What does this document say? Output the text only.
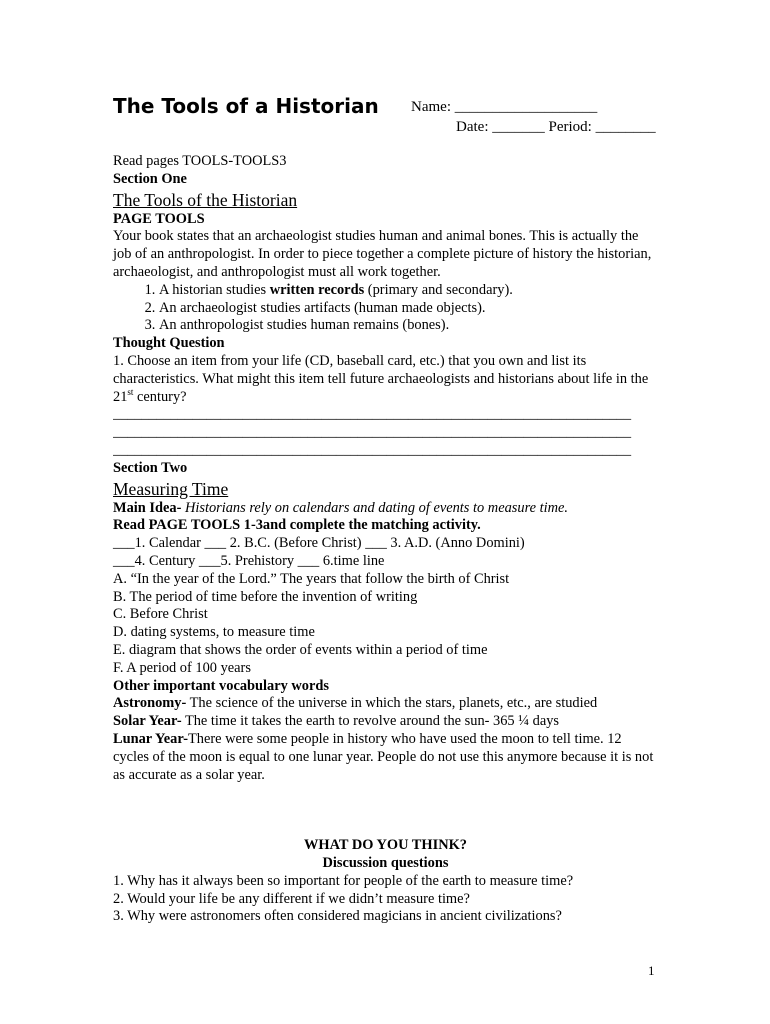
The Tools of a Historian Name: ___________________
Date: _______ Period: ________

Read pages TOOLS-TOOLS3

Section One

The Tools of the Historian

PAGE TOOLS

Your book states that an archaeologist studies human and animal bones. This is actually the job of an anthropologist. In order to piece together a complete picture of history the historian, archaeologist, and anthropologist must all work together.

1. A historian studies written records (primary and secondary).
2. An archaeologist studies artifacts (human made objects).
3. An anthropologist studies human remains (bones).

Thought Question

1. Choose an item from your life (CD, baseball card, etc.) that you own and list its characteristics. What might this item tell future archaeologists and historians about life in the 21st century?

________________________________________________________________________
________________________________________________________________________
________________________________________________________________________

Section Two

Measuring Time

Main Idea- Historians rely on calendars and dating of events to measure time.

Read PAGE TOOLS 1-3and complete the matching activity.

___1. Calendar ___ 2. B.C. (Before Christ) ___ 3. A.D. (Anno Domini)

___4. Century ___5. Prehistory ___ 6.time line

A. “In the year of the Lord.” The years that follow the birth of Christ

B. The period of time before the invention of writing

C. Before Christ

D. dating systems, to measure time

E. diagram that shows the order of events within a period of time

F. A period of 100 years

Other important vocabulary words

Astronomy- The science of the universe in which the stars, planets, etc., are studied

Solar Year- The time it takes the earth to revolve around the sun- 365 ¼ days

Lunar Year-There were some people in history who have used the moon to tell time. 12 cycles of the moon is equal to one lunar year. People do not use this anymore because it is not as accurate as a solar year.

WHAT DO YOU THINK?

Discussion questions

1. Why has it always been so important for people of the earth to measure time?

2. Would your life be any different if we didn’t measure time?

3. Why were astronomers often considered magicians in ancient civilizations?

1
